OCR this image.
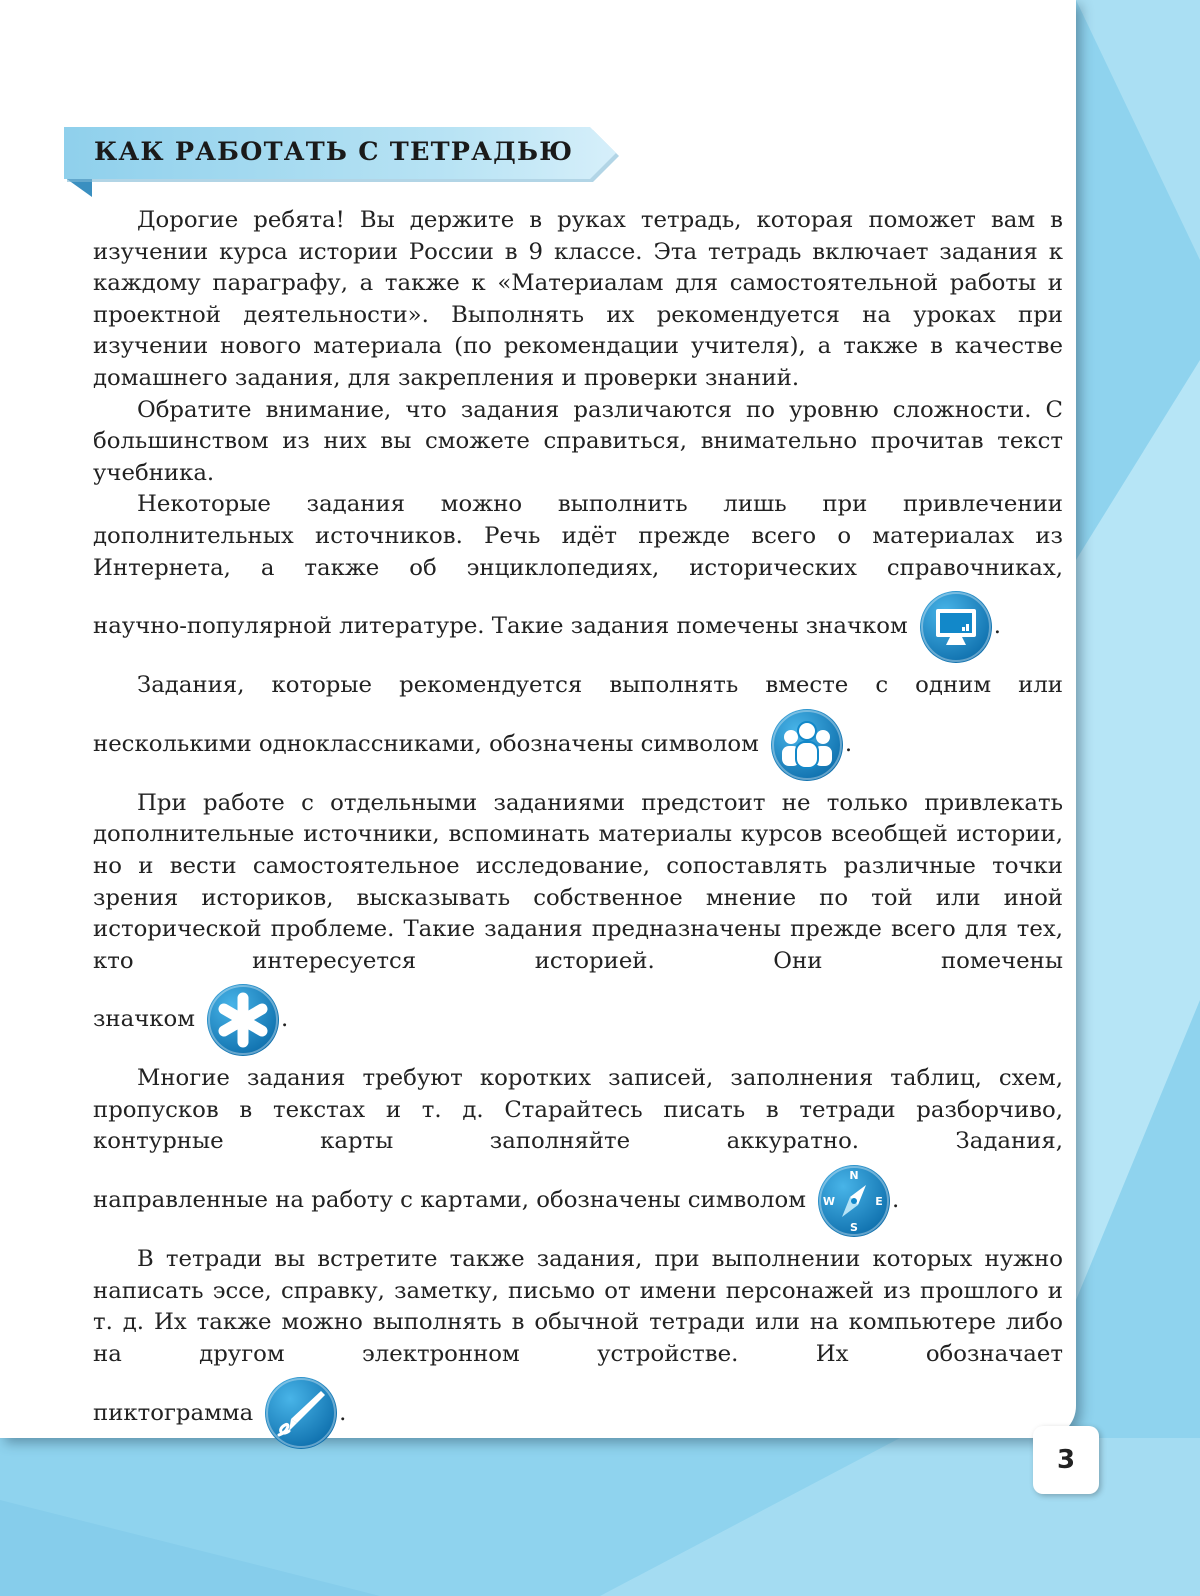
КАК РАБОТАТЬ С ТЕТРАДЬЮ

Дорогие ребята! Вы держите в руках тетрадь, которая поможет вам в изучении курса истории России в 9 классе. Эта тетрадь включает задания к каждому параграфу, а также к «Материалам для самостоятельной работы и проектной деятельности». Выполнять их рекомендуется на уроках при изучении нового материала (по рекомендации учителя), а также в качестве домашнего задания, для закрепления и проверки знаний.

Обратите внимание, что задания различаются по уровню сложности. С большинством из них вы сможете справиться, внимательно прочитав текст учебника.

Некоторые задания можно выполнить лишь при привлечении дополнительных источников. Речь идёт прежде всего о материалах из Интернета, а также об энциклопедиях, исторических справочниках,

научно-популярной литературе. Такие задания помечены значком	.

Задания, которые рекомендуется выполнять вместе с одним или

несколькими одноклассниками, обозначены символом	.

При работе с отдельными заданиями предстоит не только привлекать дополнительные источники, вспоминать материалы курсов всеобщей истории, но и вести самостоятельное исследование, сопоставлять различные точки зрения историков, высказывать собственное мнение по той или иной исторической проблеме. Такие задания предназначены прежде всего для тех, кто интересуется историей. Они помечены

значком	.

Многие задания требуют коротких записей, заполнения таблиц, схем, пропусков в текстах и т. д. Старайтесь писать в тетради разборчиво, контурные карты заполняйте аккуратно. Задания,

направленные на работу с картами, обозначены символом
N
E
S
W .

В тетради вы встретите также задания, при выполнении которых нужно написать эссе, справку, заметку, письмо от имени персонажей из прошлого и т. д. Их также можно выполнять в обычной тетради или на компьютере либо на другом электронном устройстве. Их обозначает

пиктограмма	.

3
